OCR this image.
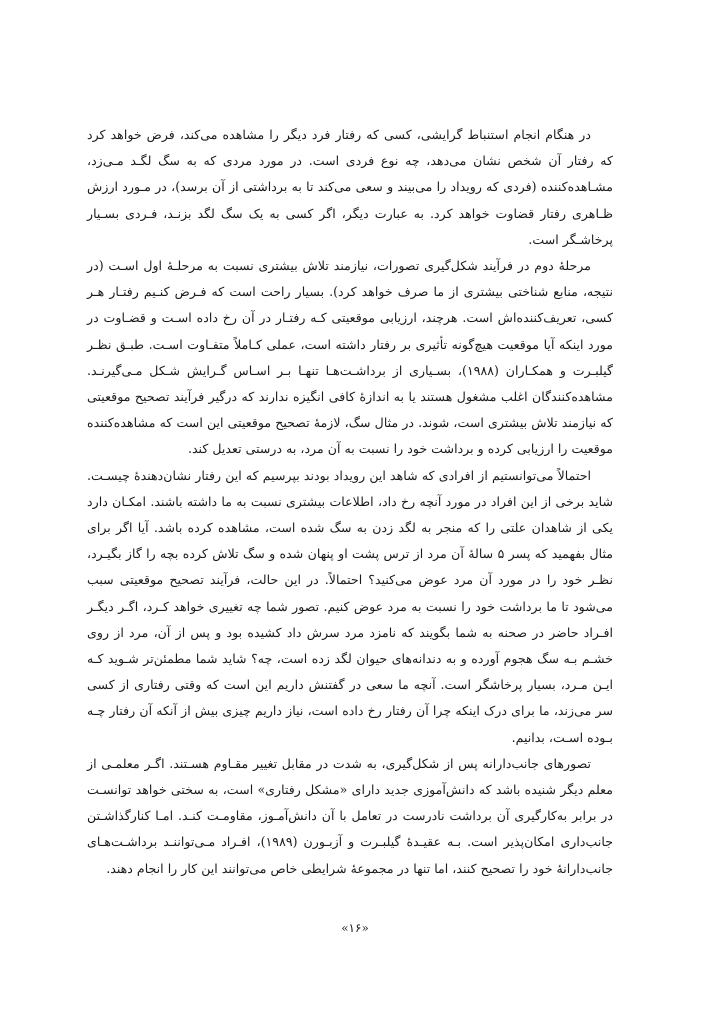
در هنگام انجام استنباط گرایشی، کسی که رفتار فرد دیگر را مشاهده می‌کند، فرض خواهد کرد که رفتار آن شخص نشان می‌دهد، چه نوع فردی است. در مورد مردی که به سگ لگـد مـی‌زد، مشـاهده‌کننده (فردی که رویداد را می‌بیند و سعی می‌کند تا به برداشتی از آن برسد)، در مـورد ارزش ظـاهری رفتار قضاوت خواهد کرد. به عبارت دیگر، اگر کسی به یک سگ لگد بزنـد، فـردی بسـیار پرخاشـگر است.

مرحلهٔ دوم در فرآیند شکل‌گیری تصورات، نیازمند تلاش بیشتری نسبت به مرحلـهٔ اول اسـت (در نتیجه، منابع شناختی بیشتری از ما صرف خواهد کرد). بسیار راحت است که فـرض کنـیم رفتـار هـر کسی، تعریف‌کننده‌اش است. هرچند، ارزیابی موقعیتی کـه رفتـار در آن رخ داده اسـت و قضـاوت در مورد اینکه آیا موقعیت هیچ‌گونه تأثیری بر رفتار داشته است، عملی کـاملاً متفـاوت اسـت. طبـق نظـر گیلبـرت و همکـاران (۱۹۸۸)، بسـیاری از برداشـت‌هـا تنهـا بـر اسـاس گـرایش شـکل مـی‌گیرنـد. مشاهده‌کنندگان اغلب مشغول هستند یا به اندازهٔ کافی انگیزه ندارند که درگیر فرآیند تصحیح موقعیتی که نیازمند تلاش بیشتری است، شوند. در مثال سگ، لازمهٔ تصحیح موقعیتی این است که مشاهده‌کننده موقعیت را ارزیابی کرده و برداشت خود را نسبت به آن مرد، به درستی تعدیل کند.

احتمالاً می‌توانستیم از افرادی که شاهد این رویداد بودند بپرسیم که این رفتار نشان‌دهندهٔ چیسـت. شاید برخی از این افراد در مورد آنچه رخ داد، اطلاعات بیشتری نسبت به ما داشته باشند. امکـان دارد یکی از شاهدان علتی را که منجر به لگد زدن به سگ شده است، مشاهده کرده باشد. آیا اگر برای مثال بفهمید که پسر ۵ سالهٔ آن مرد از ترس پشت او پنهان شده و سگ تلاش کرده بچه را گاز بگیـرد، نظـر خود را در مورد آن مرد عوض می‌کنید؟ احتمالاً. در این حالت، فرآیند تصحیح موقعیتی سبب می‌شود تا ما برداشت خود را نسبت به مرد عوض کنیم. تصور شما چه تغییری خواهد کـرد، اگـر دیگـر افـراد حاضر در صحنه به شما بگویند که نامزد مرد سرش داد کشیده بود و پس از آن، مرد از روی خشـم بـه سگ هجوم آورده و به دندانه‌های حیوان لگد زده است، چه؟ شاید شما مطمئن‌تر شـوید کـه ایـن مـرد، بسیار پرخاشگر است. آنچه ما سعی در گفتنش داریم این است که وقتی رفتاری از کسی سر می‌زند، ما برای درک اینکه چرا آن رفتار رخ داده است، نیاز داریم چیزی بیش از آنکه آن رفتار چـه بـوده اسـت، بدانیم.

تصورهای جانب‌دارانه پس از شکل‌گیری، به شدت در مقابل تغییر مقـاوم هسـتند. اگـر معلمـی از معلم دیگر شنیده باشد که دانش‌آموزی جدید دارای «مشکل رفتاری» است، به سختی خواهد توانسـت در برابر به‌کارگیری آن برداشت نادرست در تعامل با آن دانش‌آمـوز، مقاومـت کنـد. امـا کنارگذاشـتن جانب‌داری امکان‌پذیر است. بـه عقیـدهٔ گیلبـرت و آزبـورن (۱۹۸۹)، افـراد مـی‌تواننـد برداشـت‌هـای جانب‌دارانهٔ خود را تصحیح کنند، اما تنها در مجموعهٔ شرایطی خاص می‌توانند این کار را انجام دهند.

«۱۶»
